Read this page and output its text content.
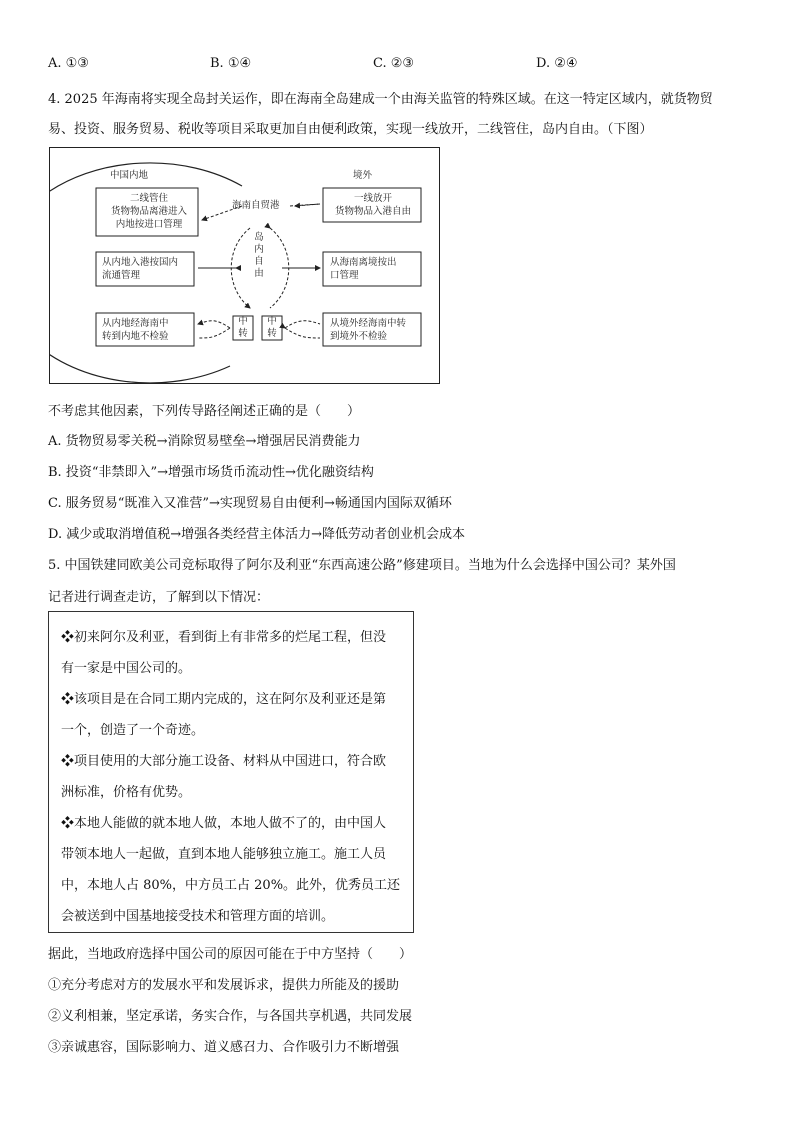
A. ①③	B. ①④	C. ②③	D. ②④
4. 2025 年海南将实现全岛封关运作，即在海南全岛建成一个由海关监管的特殊区域。在这一特定区域内，就货物贸
易、投资、服务贸易、税收等项目采取更加自由便利政策，实现一线放开，二线管住，岛内自由。（下图）
中国内地	境外
海南自贸港
岛内自由
二线管住
货物物品离港进入
内地按进口管理
从内地入港按国内
流通管理
从内地经海南中
转到内地不检验
一线放开
货物物品入港自由
从海南离境按出
口管理
从境外经海南中转
到境外不检验
中转
中转
不考虑其他因素，下列传导路径阐述正确的是（　　）
A. 货物贸易零关税→消除贸易壁垒→增强居民消费能力
B. 投资“非禁即入”→增强市场货币流动性→优化融资结构
C. 服务贸易“既准入又准营”→实现贸易自由便利→畅通国内国际双循环
D. 减少或取消增值税→增强各类经营主体活力→降低劳动者创业机会成本
5. 中国铁建同欧美公司竞标取得了阿尔及利亚“东西高速公路”修建项目。当地为什么会选择中国公司？某外国
记者进行调查走访，了解到以下情况：
❖初来阿尔及利亚，看到街上有非常多的烂尾工程，但没
有一家是中国公司的。
❖该项目是在合同工期内完成的，这在阿尔及利亚还是第
一个，创造了一个奇迹。
❖项目使用的大部分施工设备、材料从中国进口，符合欧
洲标准，价格有优势。
❖本地人能做的就本地人做，本地人做不了的，由中国人
带领本地人一起做，直到本地人能够独立施工。施工人员
中，本地人占 80%，中方员工占 20%。此外，优秀员工还
会被送到中国基地接受技术和管理方面的培训。
据此，当地政府选择中国公司的原因可能在于中方坚持（　　）
①充分考虑对方的发展水平和发展诉求，提供力所能及的援助
②义利相兼，坚定承诺，务实合作，与各国共享机遇，共同发展
③亲诚惠容，国际影响力、道义感召力、合作吸引力不断增强
